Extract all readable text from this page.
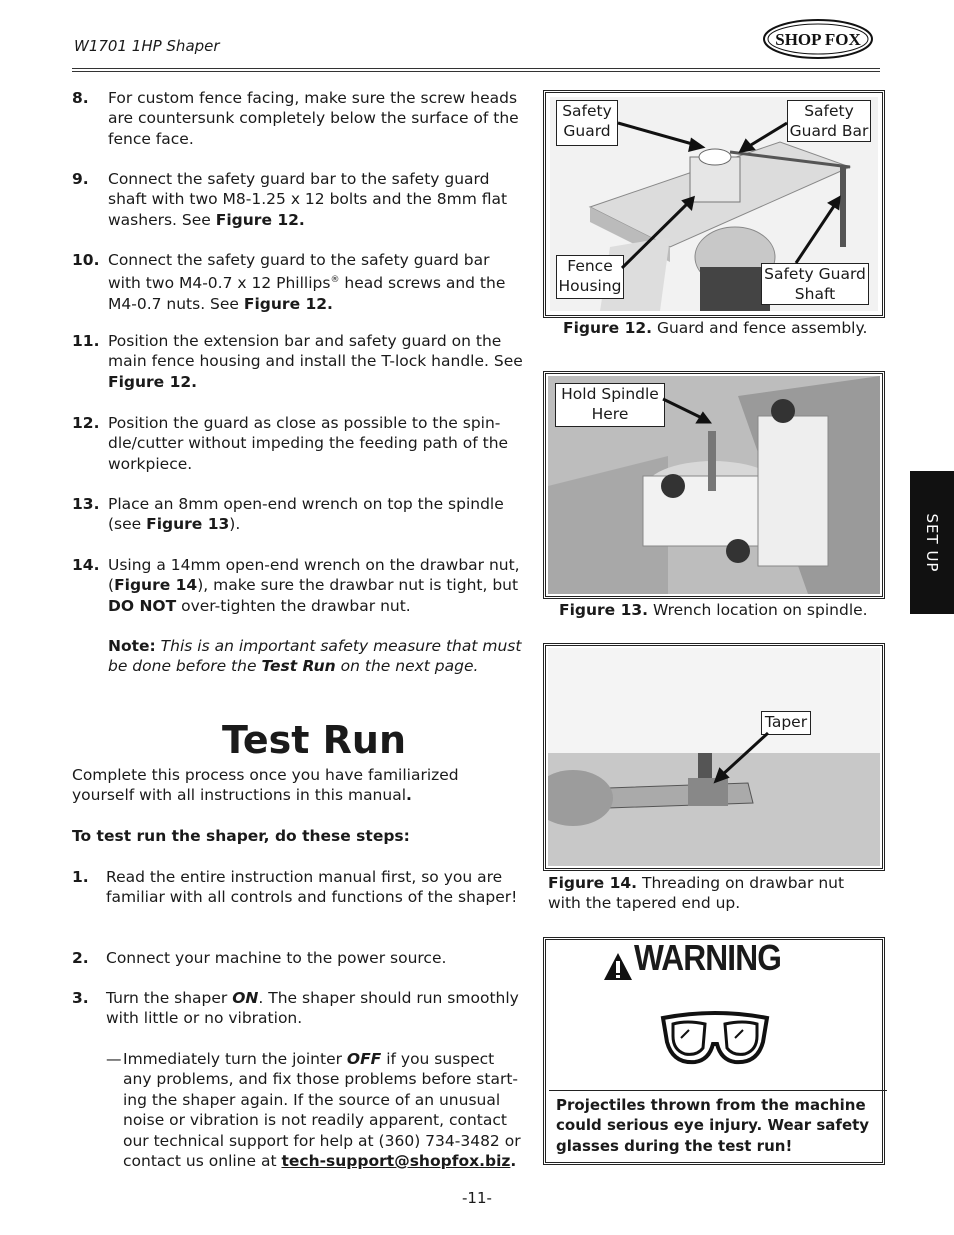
W1701 1HP Shaper	SHOP FOX
8. For custom fence facing, make sure the screw heads are countersunk completely below the surface of the fence face.
9. Connect the safety guard bar to the safety guard shaft with two M8-1.25 x 12 bolts and the 8mm flat washers. See Figure 12.
10. Connect the safety guard to the safety guard bar with two M4-0.7 x 12 Phillips® head screws and the M4-0.7 nuts. See Figure 12.
11. Position the extension bar and safety guard on the main fence housing and install the T-lock handle. See Figure 12.
12. Position the guard as close as possible to the spin-dle/cutter without impeding the feeding path of the workpiece.
13. Place an 8mm open-end wrench on top the spindle (see Figure 13).
14. Using a 14mm open-end wrench on the drawbar nut, (Figure 14), make sure the drawbar nut is tight, but DO NOT over-tighten the drawbar nut.
Note: This is an important safety measure that must be done before the Test Run on the next page.
Test Run
Complete this process once you have familiarized yourself with all instructions in this manual.
To test run the shaper, do these steps:
1. Read the entire instruction manual first, so you are familiar with all controls and functions of the shaper!
2. Connect your machine to the power source.
3. Turn the shaper ON. The shaper should run smoothly with little or no vibration.
— Immediately turn the jointer OFF if you suspect any problems, and fix those problems before start-ing the shaper again. If the source of an unusual noise or vibration is not readily apparent, contact our technical support for help at (360) 734-3482 or contact us online at tech-support@shopfox.biz.
Safety Guard
Safety Guard Bar
Fence Housing
Safety Guard Shaft
Figure 12. Guard and fence assembly.
Hold Spindle Here
Figure 13. Wrench location on spindle.
Taper
Figure 14. Threading on drawbar nut with the tapered end up.
WARNING
Projectiles thrown from the machine could serious eye injury. Wear safety glasses during the test run!
SET UP
-11-
